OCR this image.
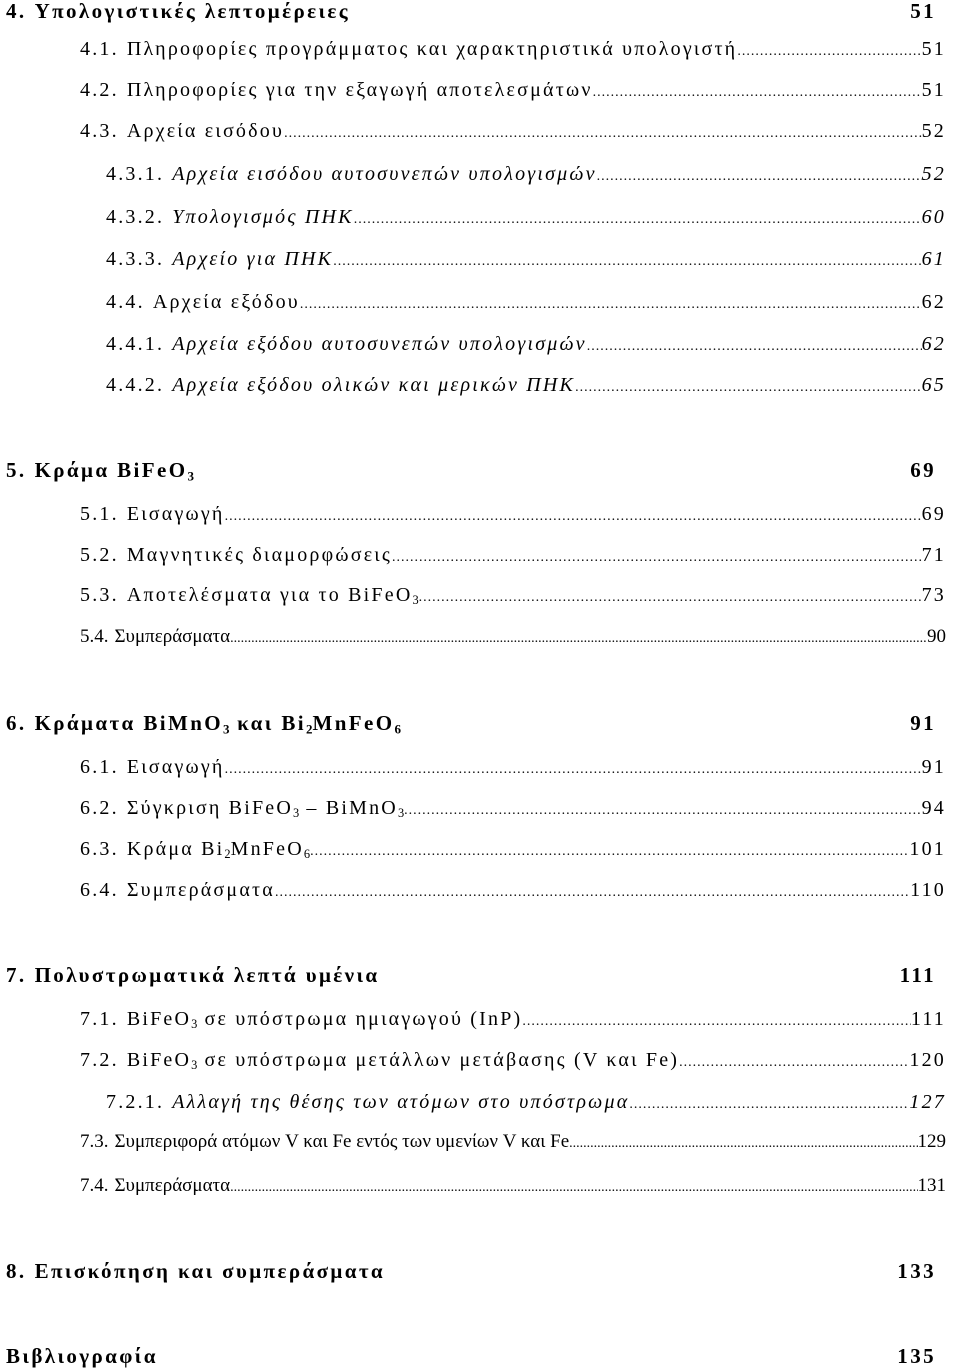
4. Υπολογιστικές λεπτομέρειες	51
4.1. Πληροφορίες προγράμματος και χαρακτηριστικά υπολογιστή .....	51
4.2. Πληροφορίες για την εξαγωγή αποτελεσμάτων .....	51
4.3. Αρχεία εισόδου .....	52
4.3.1. Αρχεία εισόδου αυτοσυνεπών υπολογισμών .....	52
4.3.2. Υπολογισμός ΠΗΚ .....	60
4.3.3. Αρχείο για ΠΗΚ .....	61
4.4. Αρχεία εξόδου .....	62
4.4.1. Αρχεία εξόδου αυτοσυνεπών υπολογισμών .....	62
4.4.2. Αρχεία εξόδου ολικών και μερικών ΠΗΚ .....	65
5. Κράμα BiFeO$_3$	69
5.1. Εισαγωγή .....	69
5.2. Μαγνητικές διαμορφώσεις .....	71
5.3. Αποτελέσματα για το BiFeO$_3$ .....	73
5.4. Συμπεράσματα .....	90
6. Κράματα BiMnO$_3$ και $Bi_2MnFeO_6$	91
6.1. Εισαγωγή .....	91
6.2. Σύγκριση BiFeO$_3$ – BiMnO$_3$ .....	94
6.3. Κράμα $Bi_2MnFeO_6$ .....	101
6.4. Συμπεράσματα .....	110
7. Πολυστρωματικά λεπτά υμένια	111
7.1. BiFeO$_3$ σε υπόστρωμα ημιαγωγού (InP) .....	111
7.2. BiFeO$_3$ σε υπόστρωμα μετάλλων μετάβασης (V και Fe) .....	120
7.2.1. Αλλαγή της θέσης των ατόμων στο υπόστρωμα .....	127
7.3. Συμπεριφορά ατόμων V και Fe εντός των υμενίων V και Fe .....	129
7.4. Συμπεράσματα .....	131
8. Επισκόπηση και συμπεράσματα	133
Βιβλιογραφία	135
